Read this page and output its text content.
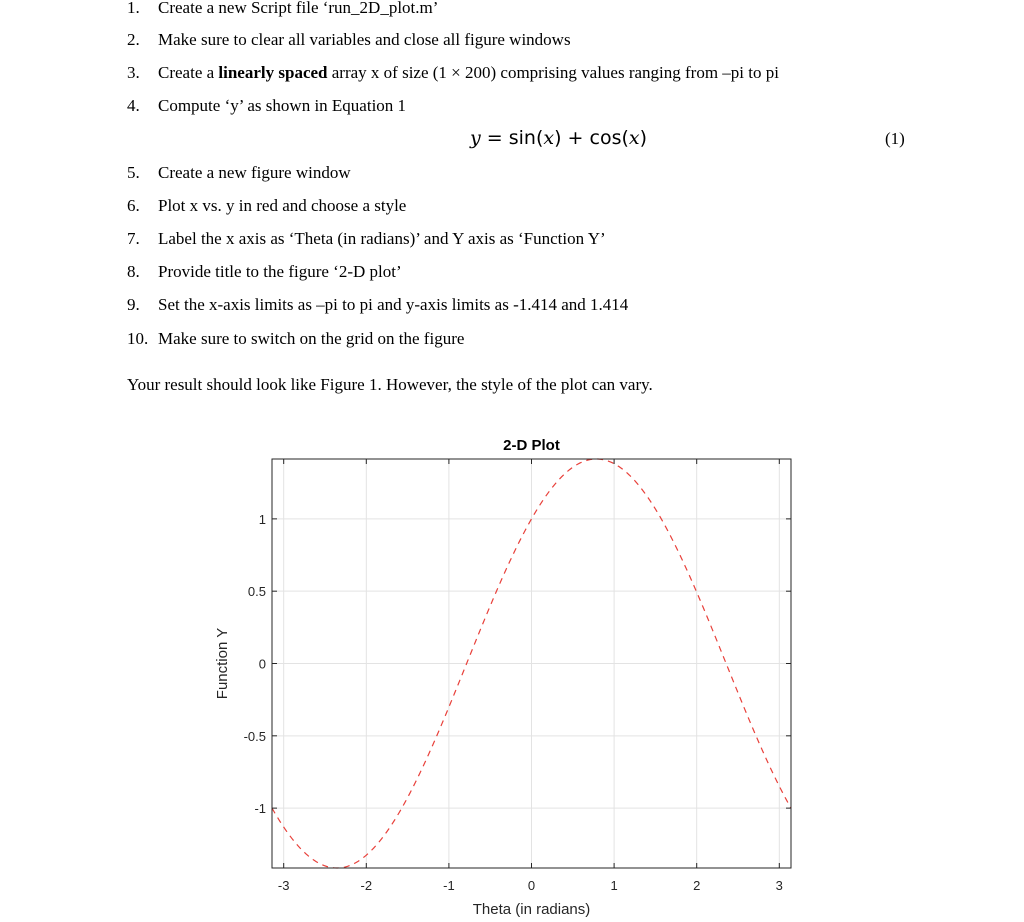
1. Create a new Script file ‘run_2D_plot.m’
2. Make sure to clear all variables and close all figure windows
3. Create a linearly spaced array x of size (1 × 200) comprising values ranging from –pi to pi
4. Compute ‘y’ as shown in Equation 1
y = sin(x) + cos(x)	(1)
5. Create a new figure window
6. Plot x vs. y in red and choose a style
7. Label the x axis as ‘Theta (in radians)’ and Y axis as ‘Function Y’
8. Provide title to the figure ‘2-D plot’
9. Set the x-axis limits as –pi to pi and y-axis limits as -1.414 and 1.414
10. Make sure to switch on the grid on the figure
Your result should look like Figure 1. However, the style of the plot can vary.
-3	-2	-1	0	1	2	3
-1
-0.5
0
0.5
1
2-D Plot
Theta (in radians)
Function Y
